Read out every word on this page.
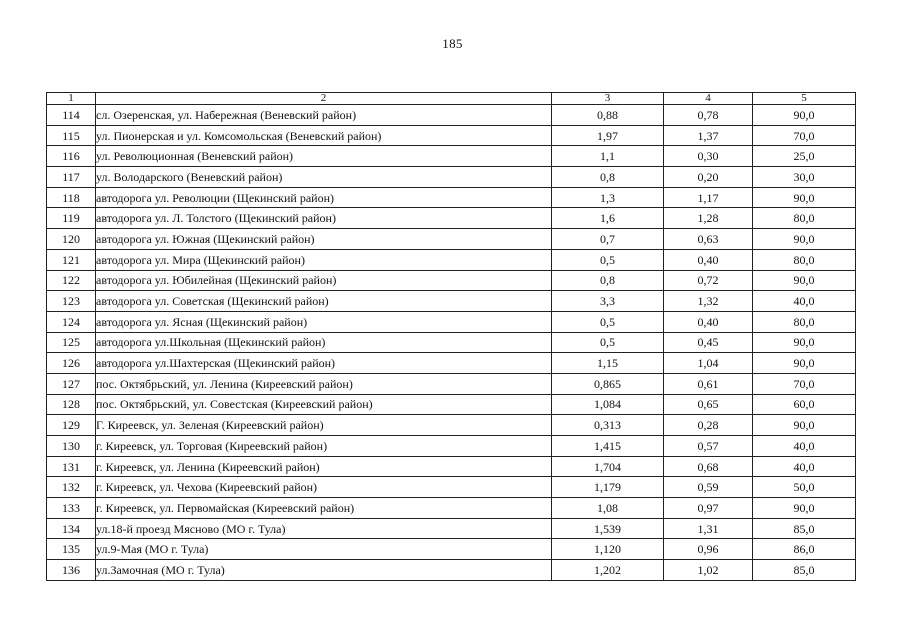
185
1	2	3	4	5
114	сл. Озеренская, ул. Набережная (Веневский район)	0,88	0,78	90,0
115	ул. Пионерская и ул. Комсомольская (Веневский район)	1,97	1,37	70,0
116	ул. Революционная (Веневский район)	1,1	0,30	25,0
117	ул. Володарского (Веневский район)	0,8	0,20	30,0
118	автодорога ул. Революции (Щекинский район)	1,3	1,17	90,0
119	автодорога ул. Л. Толстого (Щекинский район)	1,6	1,28	80,0
120	автодорога ул. Южная (Щекинский район)	0,7	0,63	90,0
121	автодорога ул. Мира (Щекинский район)	0,5	0,40	80,0
122	автодорога ул. Юбилейная (Щекинский район)	0,8	0,72	90,0
123	автодорога ул. Советская (Щекинский район)	3,3	1,32	40,0
124	автодорога ул. Ясная (Щекинский район)	0,5	0,40	80,0
125	автодорога ул.Школьная (Щекинский район)	0,5	0,45	90,0
126	автодорога ул.Шахтерская (Щекинский район)	1,15	1,04	90,0
127	пос. Октябрьский, ул. Ленина (Киреевский район)	0,865	0,61	70,0
128	пос. Октябрьский, ул. Совестская (Киреевский район)	1,084	0,65	60,0
129	Г. Киреевск, ул. Зеленая (Киреевский район)	0,313	0,28	90,0
130	г. Киреевск, ул. Торговая (Киреевский район)	1,415	0,57	40,0
131	г. Киреевск, ул. Ленина (Киреевский район)	1,704	0,68	40,0
132	г. Киреевск, ул. Чехова (Киреевский район)	1,179	0,59	50,0
133	г. Киреевск, ул. Первомайская (Киреевский район)	1,08	0,97	90,0
134	ул.18-й проезд Мясново (МО г. Тула)	1,539	1,31	85,0
135	ул.9-Мая (МО г. Тула)	1,120	0,96	86,0
136	ул.Замочная (МО г. Тула)	1,202	1,02	85,0
